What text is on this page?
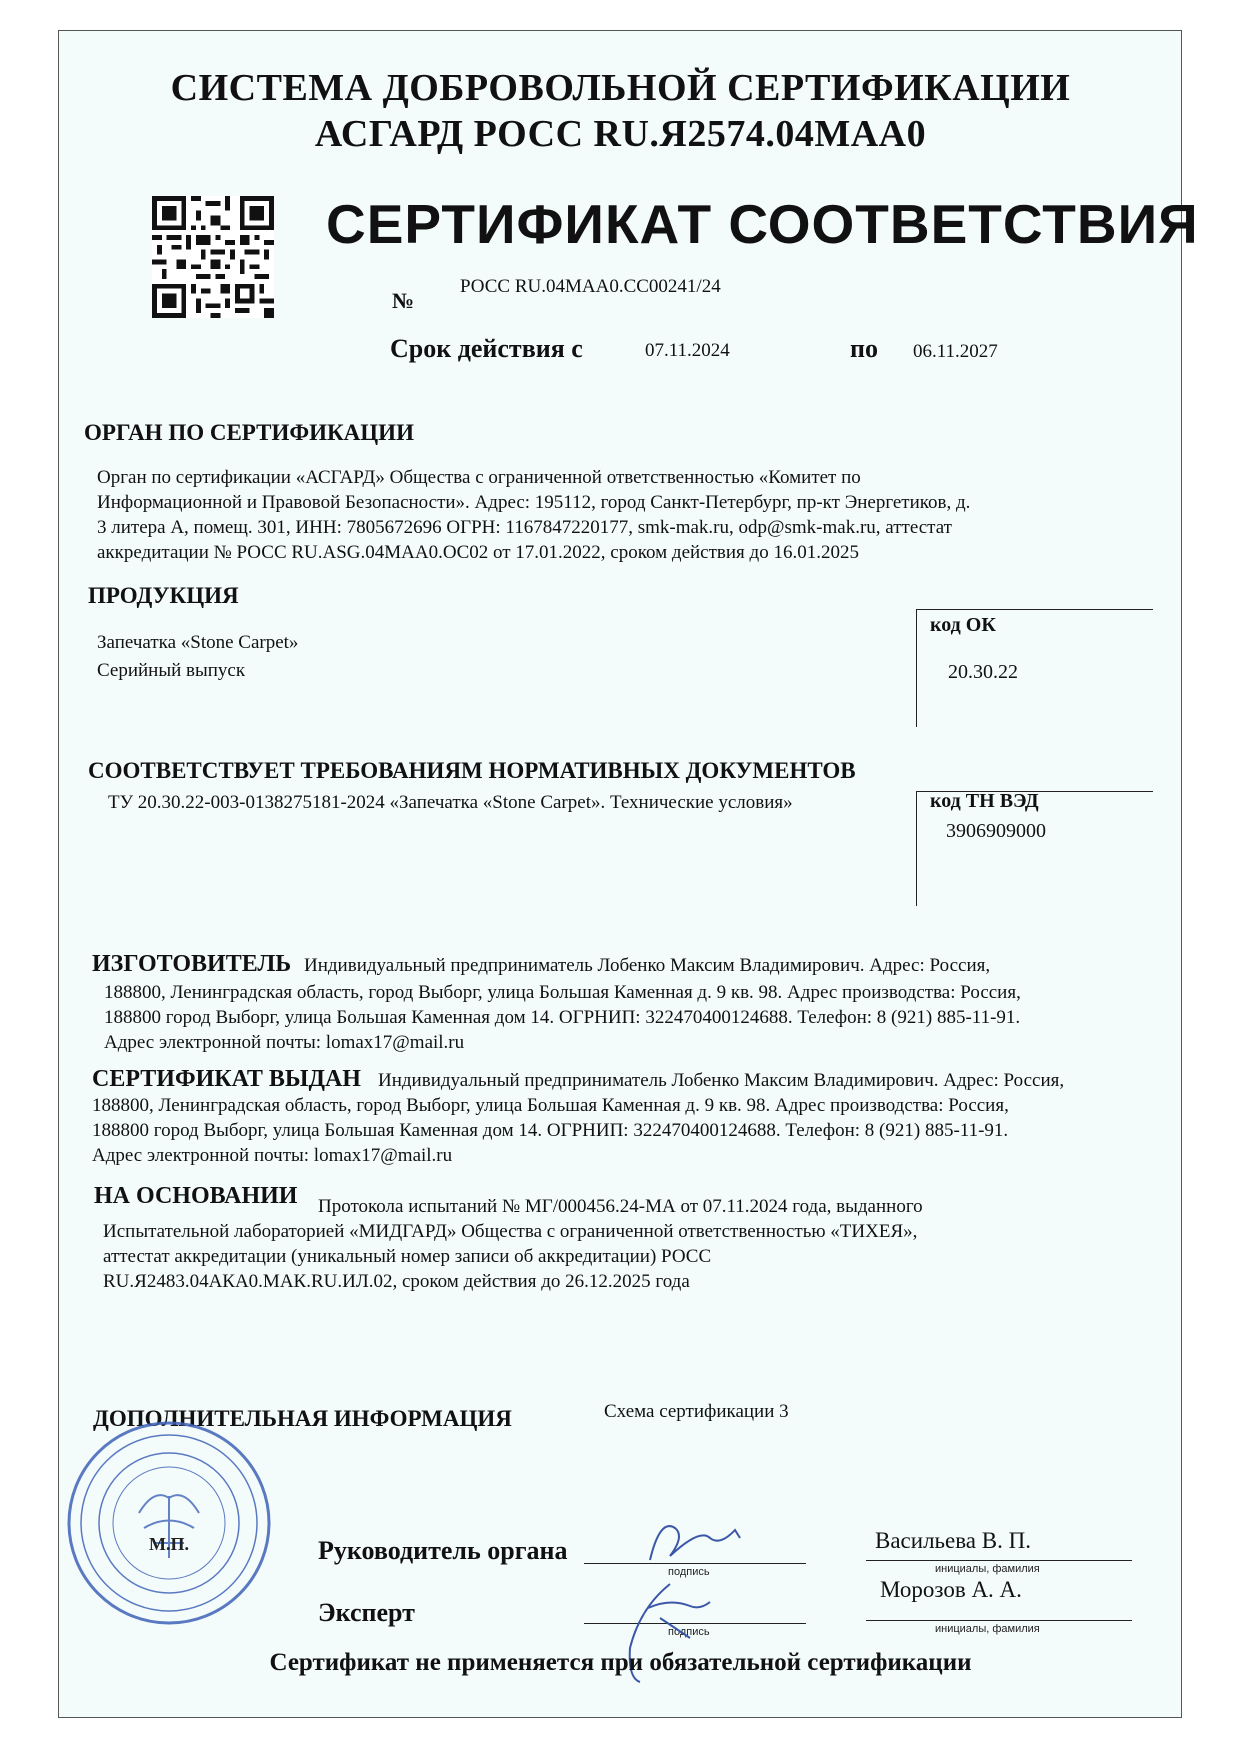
СИСТЕМА ДОБРОВОЛЬНОЙ СЕРТИФИКАЦИИ
АСГАРД РОСС RU.Я2574.04МАА0
СЕРТИФИКАТ СООТВЕТСТВИЯ
№
РОСС RU.04МАА0.СС00241/24
Срок действия с	07.11.2024	по 06.11.2027
ОРГАН ПО СЕРТИФИКАЦИИ
Орган по сертификации «АСГАРД» Общества с ограниченной ответственностью «Комитет по
Информационной и Правовой Безопасности». Адрес: 195112, город Санкт-Петербург, пр-кт Энергетиков, д.
3 литера А, помещ. 301, ИНН: 7805672696 ОГРН: 1167847220177, smk-mak.ru, odp@smk-mak.ru, аттестат
аккредитации № РОСС RU.ASG.04MAA0.OC02 от 17.01.2022, сроком действия до 16.01.2025
ПРОДУКЦИЯ
Запечатка «Stone Carpet»
Серийный выпуск
код ОК
20.30.22
СООТВЕТСТВУЕТ ТРЕБОВАНИЯМ НОРМАТИВНЫХ ДОКУМЕНТОВ
ТУ 20.30.22-003-0138275181-2024 «Запечатка «Stone Carpet». Технические условия»	код ТН ВЭД
3906909000
ИЗГОТОВИТЕЛЬ Индивидуальный предприниматель Лобенко Максим Владимирович. Адрес: Россия,
188800, Ленинградская область, город Выборг, улица Большая Каменная д. 9 кв. 98. Адрес производства: Россия,
188800 город Выборг, улица Большая Каменная дом 14. ОГРНИП: 322470400124688. Телефон: 8 (921) 885-11-91.
Адрес электронной почты: lomax17@mail.ru
СЕРТИФИКАТ ВЫДАН Индивидуальный предприниматель Лобенко Максим Владимирович. Адрес: Россия,
188800, Ленинградская область, город Выборг, улица Большая Каменная д. 9 кв. 98. Адрес производства: Россия,
188800 город Выборг, улица Большая Каменная дом 14. ОГРНИП: 322470400124688. Телефон: 8 (921) 885-11-91.
Адрес электронной почты: lomax17@mail.ru
НА ОСНОВАНИИ Протокола испытаний № МГ/000456.24-МА от 07.11.2024 года, выданного
Испытательной лабораторией «МИДГАРД» Общества с ограниченной ответственностью «ТИХЕЯ»,
аттестат аккредитации (уникальный номер записи об аккредитации) РОСС
RU.Я2483.04АКА0.МАК.RU.ИЛ.02, сроком действия до 26.12.2025 года
ДОПОЛНИТЕЛЬНАЯ ИНФОРМАЦИЯ	Схема сертификации 3
М.П.	Руководитель органа
подпись
Васильева В. П.
инициалы, фамилия
Эксперт
подпись
Морозов А. А.
инициалы, фамилия
Сертификат не применяется при обязательной сертификации
